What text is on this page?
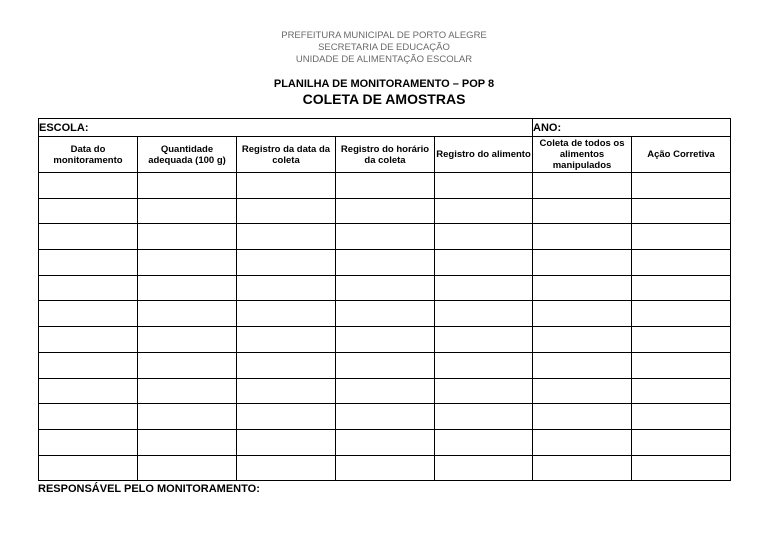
PREFEITURA MUNICIPAL DE PORTO ALEGRE
SECRETARIA DE EDUCAÇÃO
UNIDADE DE ALIMENTAÇÃO ESCOLAR
PLANILHA DE MONITORAMENTO – POP 8
COLETA DE AMOSTRAS
ESCOLA:					ANO:	
Data do monitoramento	Quantidade adequada (100 g)	Registro da data da coleta	Registro do horário da coleta	Registro do alimento	Coleta de todos os alimentos manipulados	Ação Corretiva

RESPONSÁVEL PELO MONITORAMENTO:
